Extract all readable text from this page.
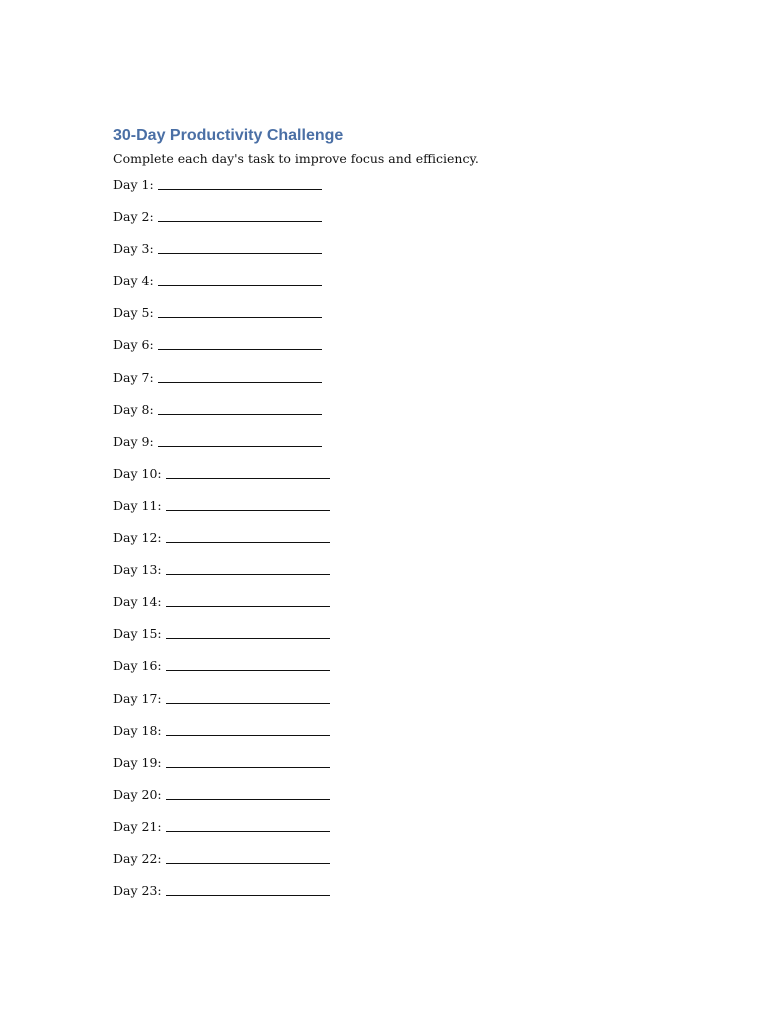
30-Day Productivity Challenge

Complete each day's task to improve focus and efficiency.

Day 1:
Day 2:
Day 3:
Day 4:
Day 5:
Day 6:
Day 7:
Day 8:
Day 9:
Day 10:
Day 11:
Day 12:
Day 13:
Day 14:
Day 15:
Day 16:
Day 17:
Day 18:
Day 19:
Day 20:
Day 21:
Day 22:
Day 23:
